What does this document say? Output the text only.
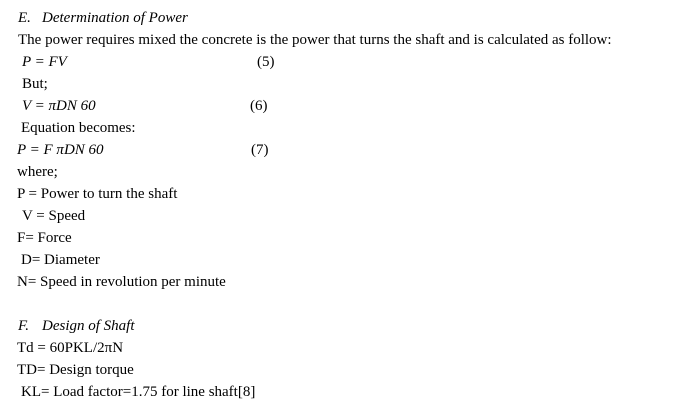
E. Determination of Power
The power requires mixed the concrete is the power that turns the shaft and is calculated as follow:
P = FV	(5)
But;
V = πDN 60	(6)
Equation becomes:
P = F πDN 60	(7)
where;
P = Power to turn the shaft
V = Speed
F= Force
D= Diameter
N= Speed in revolution per minute
F. Design of Shaft
Td = 60PKL/2πN
TD= Design torque
KL= Load factor=1.75 for line shaft[8]
